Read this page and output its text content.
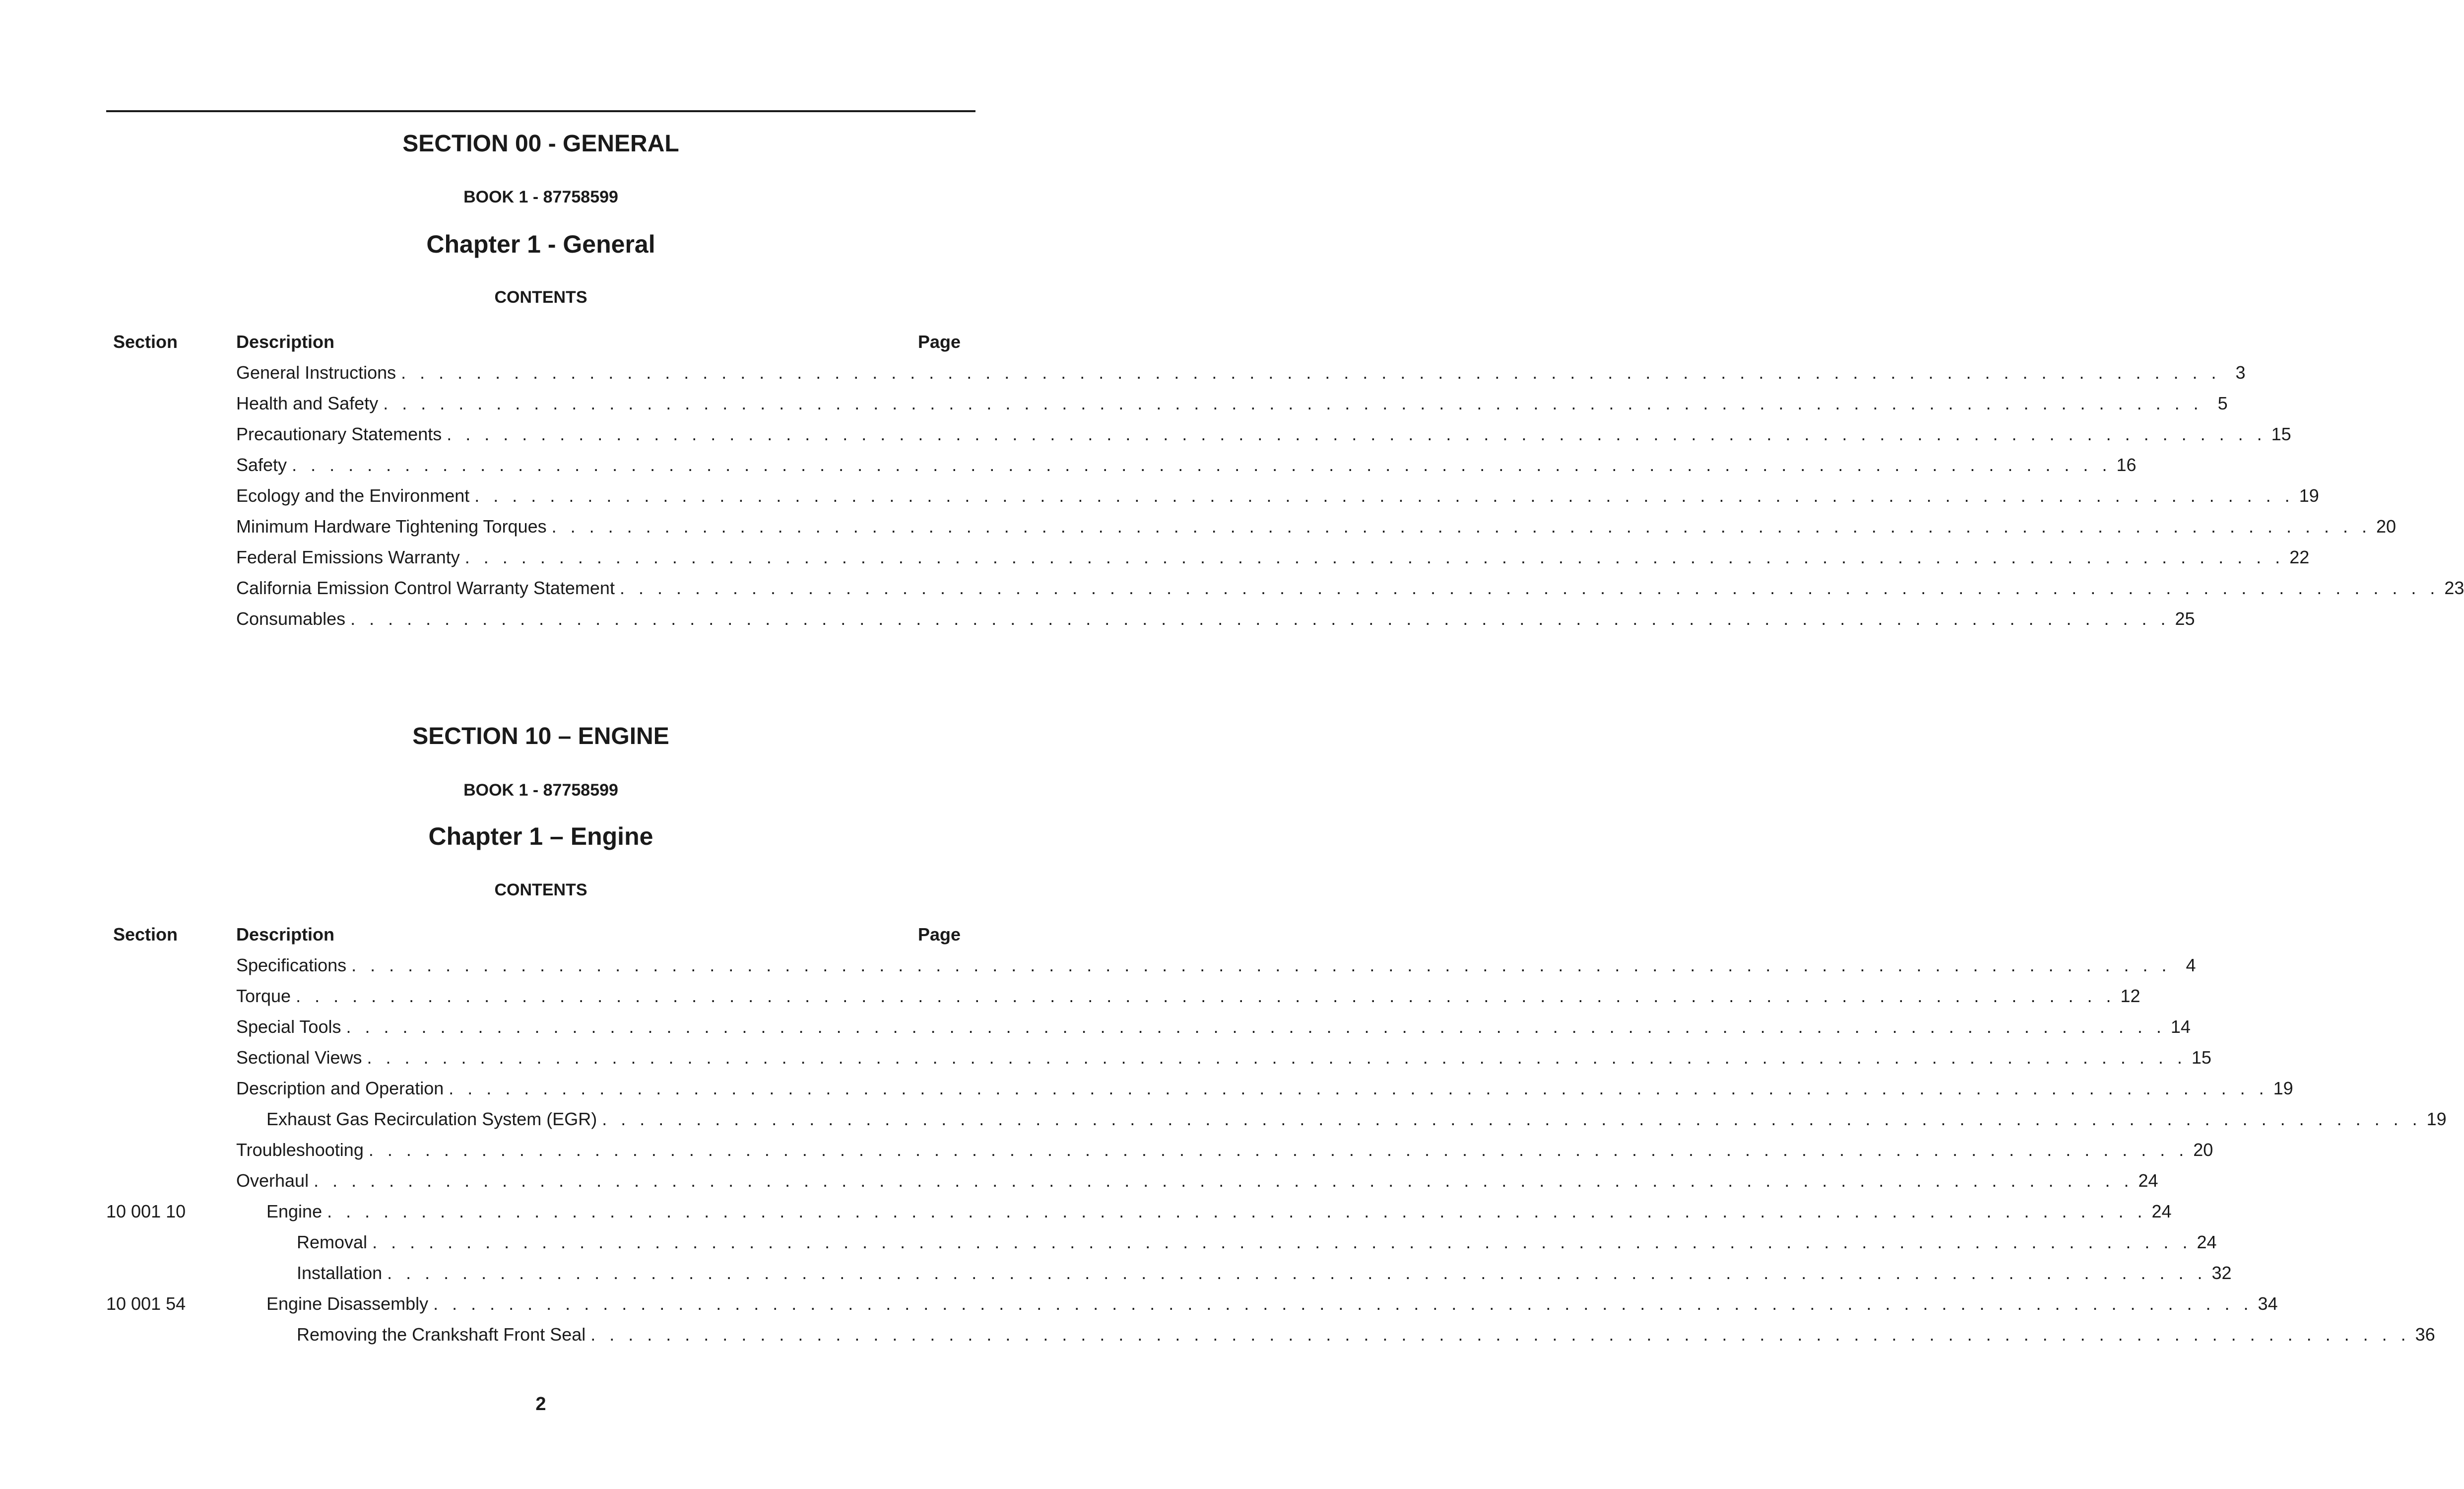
SECTION 00 - GENERAL
BOOK 1 - 87758599
Chapter 1 - General
CONTENTS
Section	Description	Page
General Instructions . . . . . . . . . . . . . . . . . . . . . . . . . . . . . . . . . . . . . . . . . . . . . . . . . . . . . . . . . . . . . . . . . . . . . . . . . . . . . . . . . . . . . . . . . . . . . . . . . 3
Health and Safety . . . . . . . . . . . . . . . . . . . . . . . . . . . . . . . . . . . . . . . . . . . . . . . . . . . . . . . . . . . . . . . . . . . . . . . . . . . . . . . . . . . . . . . . . . . . . . . . . 5
Precautionary Statements . . . . . . . . . . . . . . . . . . . . . . . . . . . . . . . . . . . . . . . . . . . . . . . . . . . . . . . . . . . . . . . . . . . . . . . . . . . . . . . . . . . . . . . . . . . . . . . . . 15
Safety . . . . . . . . . . . . . . . . . . . . . . . . . . . . . . . . . . . . . . . . . . . . . . . . . . . . . . . . . . . . . . . . . . . . . . . . . . . . . . . . . . . . . . . . . . . . . . . . . 16
Ecology and the Environment . . . . . . . . . . . . . . . . . . . . . . . . . . . . . . . . . . . . . . . . . . . . . . . . . . . . . . . . . . . . . . . . . . . . . . . . . . . . . . . . . . . . . . . . . . . . . . . . . 19
Minimum Hardware Tightening Torques . . . . . . . . . . . . . . . . . . . . . . . . . . . . . . . . . . . . . . . . . . . . . . . . . . . . . . . . . . . . . . . . . . . . . . . . . . . . . . . . . . . . . . . . . . . . . . . . . 20
Federal Emissions Warranty . . . . . . . . . . . . . . . . . . . . . . . . . . . . . . . . . . . . . . . . . . . . . . . . . . . . . . . . . . . . . . . . . . . . . . . . . . . . . . . . . . . . . . . . . . . . . . . . . 22
California Emission Control Warranty Statement . . . . . . . . . . . . . . . . . . . . . . . . . . . . . . . . . . . . . . . . . . . . . . . . . . . . . . . . . . . . . . . . . . . . . . . . . . . . . . . . . . . . . . . . . . . . . . . . . 23
Consumables . . . . . . . . . . . . . . . . . . . . . . . . . . . . . . . . . . . . . . . . . . . . . . . . . . . . . . . . . . . . . . . . . . . . . . . . . . . . . . . . . . . . . . . . . . . . . . . . . 25
SECTION 10 – ENGINE
BOOK 1 - 87758599
Chapter 1 – Engine
CONTENTS
Section	Description	Page
Specifications . . . . . . . . . . . . . . . . . . . . . . . . . . . . . . . . . . . . . . . . . . . . . . . . . . . . . . . . . . . . . . . . . . . . . . . . . . . . . . . . . . . . . . . . . . . . . . . . . 4
Torque . . . . . . . . . . . . . . . . . . . . . . . . . . . . . . . . . . . . . . . . . . . . . . . . . . . . . . . . . . . . . . . . . . . . . . . . . . . . . . . . . . . . . . . . . . . . . . . . . 12
Special Tools . . . . . . . . . . . . . . . . . . . . . . . . . . . . . . . . . . . . . . . . . . . . . . . . . . . . . . . . . . . . . . . . . . . . . . . . . . . . . . . . . . . . . . . . . . . . . . . . . 14
Sectional Views . . . . . . . . . . . . . . . . . . . . . . . . . . . . . . . . . . . . . . . . . . . . . . . . . . . . . . . . . . . . . . . . . . . . . . . . . . . . . . . . . . . . . . . . . . . . . . . . . 15
Description and Operation . . . . . . . . . . . . . . . . . . . . . . . . . . . . . . . . . . . . . . . . . . . . . . . . . . . . . . . . . . . . . . . . . . . . . . . . . . . . . . . . . . . . . . . . . . . . . . . . . 19
Exhaust Gas Recirculation System (EGR) . . . . . . . . . . . . . . . . . . . . . . . . . . . . . . . . . . . . . . . . . . . . . . . . . . . . . . . . . . . . . . . . . . . . . . . . . . . . . . . . . . . . . . . . . . . . . . . . . 19
Troubleshooting . . . . . . . . . . . . . . . . . . . . . . . . . . . . . . . . . . . . . . . . . . . . . . . . . . . . . . . . . . . . . . . . . . . . . . . . . . . . . . . . . . . . . . . . . . . . . . . . . 20
Overhaul . . . . . . . . . . . . . . . . . . . . . . . . . . . . . . . . . . . . . . . . . . . . . . . . . . . . . . . . . . . . . . . . . . . . . . . . . . . . . . . . . . . . . . . . . . . . . . . . . 24
10 001 10	Engine . . . . . . . . . . . . . . . . . . . . . . . . . . . . . . . . . . . . . . . . . . . . . . . . . . . . . . . . . . . . . . . . . . . . . . . . . . . . . . . . . . . . . . . . . . . . . . . . . 24
Removal . . . . . . . . . . . . . . . . . . . . . . . . . . . . . . . . . . . . . . . . . . . . . . . . . . . . . . . . . . . . . . . . . . . . . . . . . . . . . . . . . . . . . . . . . . . . . . . . . 24
Installation . . . . . . . . . . . . . . . . . . . . . . . . . . . . . . . . . . . . . . . . . . . . . . . . . . . . . . . . . . . . . . . . . . . . . . . . . . . . . . . . . . . . . . . . . . . . . . . . . 32
10 001 54	Engine Disassembly . . . . . . . . . . . . . . . . . . . . . . . . . . . . . . . . . . . . . . . . . . . . . . . . . . . . . . . . . . . . . . . . . . . . . . . . . . . . . . . . . . . . . . . . . . . . . . . . . 34
Removing the Crankshaft Front Seal . . . . . . . . . . . . . . . . . . . . . . . . . . . . . . . . . . . . . . . . . . . . . . . . . . . . . . . . . . . . . . . . . . . . . . . . . . . . . . . . . . . . . . . . . . . . . . . . . 36
2
